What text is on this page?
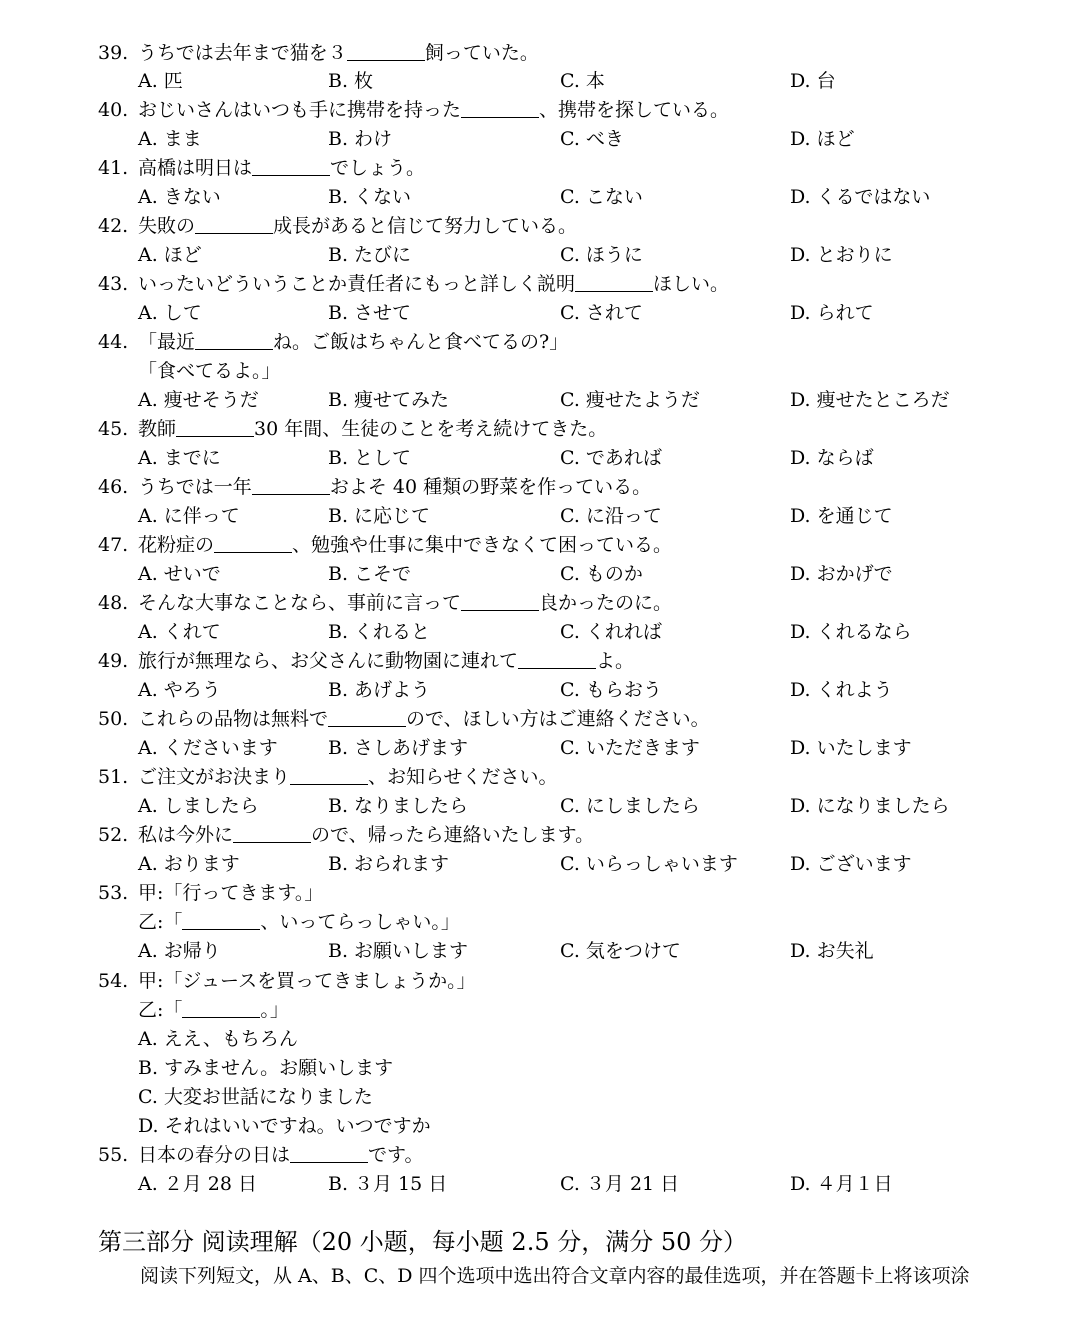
39. うちでは去年まで猫を３	飼っていた。
A. 匹	B. 枚	C. 本	D. 台
40. おじいさんはいつも手に携帯を持った	、携帯を探している。
A. まま	B. わけ	C. べき	D. ほど
41. 高橋は明日は	でしょう。
A. きない	B. くない	C. こない	D. くるではない
42. 失敗の	成長があると信じて努力している。
A. ほど	B. たびに	C. ほうに	D. とおりに
43. いったいどういうことか責任者にもっと詳しく説明	ほしい。
A. して	B. させて	C. されて	D. られて
44. 「最近	ね。ご飯はちゃんと食べてるの?」
「食べてるよ。」
A. 痩せそうだ	B. 痩せてみた	C. 痩せたようだ	D. 痩せたところだ
45. 教師	30 年間、生徒のことを考え続けてきた。
A. までに	B. として	C. であれば	D. ならば
46. うちでは一年	およそ 40 種類の野菜を作っている。
A. に伴って	B. に応じて	C. に沿って	D. を通じて
47. 花粉症の	、勉強や仕事に集中できなくて困っている。
A. せいで	B. こそで	C. ものか	D. おかげで
48. そんな大事なことなら、事前に言って	良かったのに。
A. くれて	B. くれると	C. くれれば	D. くれるなら
49. 旅行が無理なら、お父さんに動物園に連れて	よ。
A. やろう	B. あげよう	C. もらおう	D. くれよう
50. これらの品物は無料で	ので、ほしい方はご連絡ください。
A. くださいます	B. さしあげます	C. いただきます	D. いたします
51. ご注文がお決まり	、お知らせください。
A. しましたら	B. なりましたら	C. にしましたら	D. になりましたら
52. 私は今外に	ので、帰ったら連絡いたします。
A. おります	B. おられます	C. いらっしゃいます	D. ございます
53. 甲:「行ってきます。」
乙:「	、いってらっしゃい。」
A. お帰り	B. お願いします	C. 気をつけて	D. お失礼
54. 甲:「ジュースを買ってきましょうか。」
乙:「	。」
A. ええ、もちろん
B. すみません。お願いします
C. 大変お世話になりました
D. それはいいですね。いつですか
55. 日本の春分の日は	です。
A. ２月 28 日	B. ３月 15 日	C. ３月 21 日	D. ４月１日
第三部分 阅读理解（20 小题，每小题 2.5 分，满分 50 分）
阅读下列短文，从 A、B、C、D 四个选项中选出符合文章内容的最佳选项，并在答题卡上将该项涂
